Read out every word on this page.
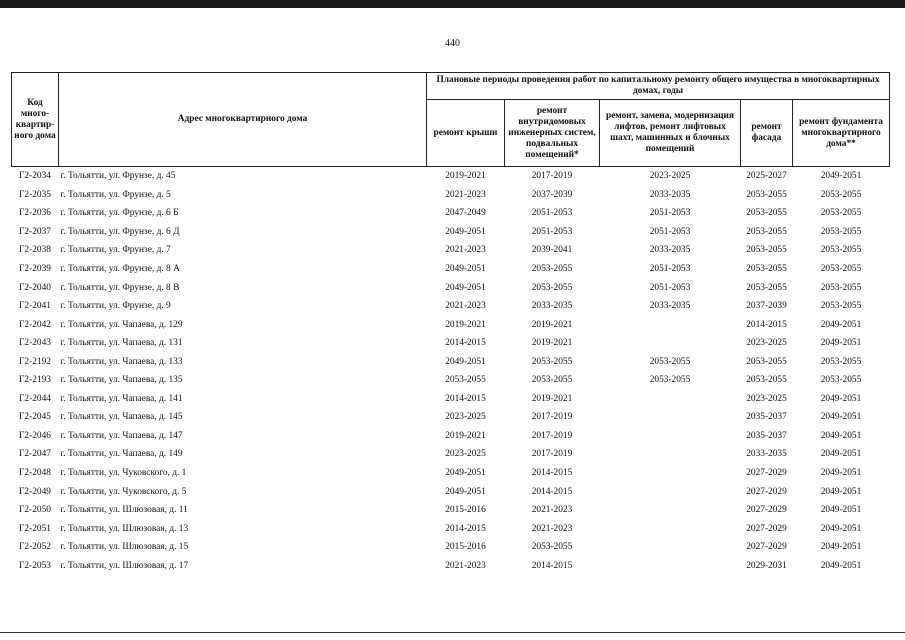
440
Код много-квартир-ного дома	Адрес многоквартирного дома	Плановые периоды проведения работ по капитальному ремонту общего имущества в многоквартирных домах, годы				
		ремонт крыши	ремонт внутридомовых инженерных систем, подвальных помещений*	ремонт, замена, модернизация лифтов, ремонт лифтовых шахт, машинных и блочных помещений	ремонт фасада	ремонт фундамента многоквартирного дома**
Г2-2034	г. Тольятти, ул. Фрунзе, д. 45	2019-2021	2017-2019	2023-2025	2025-2027	2049-2051
Г2-2035	г. Тольятти, ул. Фрунзе, д. 5	2021-2023	2037-2039	2033-2035	2053-2055	2053-2055
Г2-2036	г. Тольятти, ул. Фрунзе, д. 6 Б	2047-2049	2051-2053	2051-2053	2053-2055	2053-2055
Г2-2037	г. Тольятти, ул. Фрунзе, д. 6 Д	2049-2051	2051-2053	2051-2053	2053-2055	2053-2055
Г2-2038	г. Тольятти, ул. Фрунзе, д. 7	2021-2023	2039-2041	2033-2035	2053-2055	2053-2055
Г2-2039	г. Тольятти, ул. Фрунзе, д. 8 А	2049-2051	2053-2055	2051-2053	2053-2055	2053-2055
Г2-2040	г. Тольятти, ул. Фрунзе, д. 8 В	2049-2051	2053-2055	2051-2053	2053-2055	2053-2055
Г2-2041	г. Тольятти, ул. Фрунзе, д. 9	2021-2023	2033-2035	2033-2035	2037-2039	2053-2055
Г2-2042	г. Тольятти, ул. Чапаева, д. 129	2019-2021	2019-2021		2014-2015	2049-2051
Г2-2043	г. Тольятти, ул. Чапаева, д. 131	2014-2015	2019-2021		2023-2025	2049-2051
Г2-2192	г. Тольятти, ул. Чапаева, д. 133	2049-2051	2053-2055	2053-2055	2053-2055	2053-2055
Г2-2193	г. Тольятти, ул. Чапаева, д. 135	2053-2055	2053-2055	2053-2055	2053-2055	2053-2055
Г2-2044	г. Тольятти, ул. Чапаева, д. 141	2014-2015	2019-2021		2023-2025	2049-2051
Г2-2045	г. Тольятти, ул. Чапаева, д. 145	2023-2025	2017-2019		2035-2037	2049-2051
Г2-2046	г. Тольятти, ул. Чапаева, д. 147	2019-2021	2017-2019		2035-2037	2049-2051
Г2-2047	г. Тольятти, ул. Чапаева, д. 149	2023-2025	2017-2019		2033-2035	2049-2051
Г2-2048	г. Тольятти, ул. Чуковского, д. 1	2049-2051	2014-2015		2027-2029	2049-2051
Г2-2049	г. Тольятти, ул. Чуковского, д. 5	2049-2051	2014-2015		2027-2029	2049-2051
Г2-2050	г. Тольятти, ул. Шлюзовая, д. 11	2015-2016	2021-2023		2027-2029	2049-2051
Г2-2051	г. Тольятти, ул. Шлюзовая, д. 13	2014-2015	2021-2023		2027-2029	2049-2051
Г2-2052	г. Тольятти, ул. Шлюзовая, д. 15	2015-2016	2053-2055		2027-2029	2049-2051
Г2-2053	г. Тольятти, ул. Шлюзовая, д. 17	2021-2023	2014-2015		2029-2031	2049-2051
